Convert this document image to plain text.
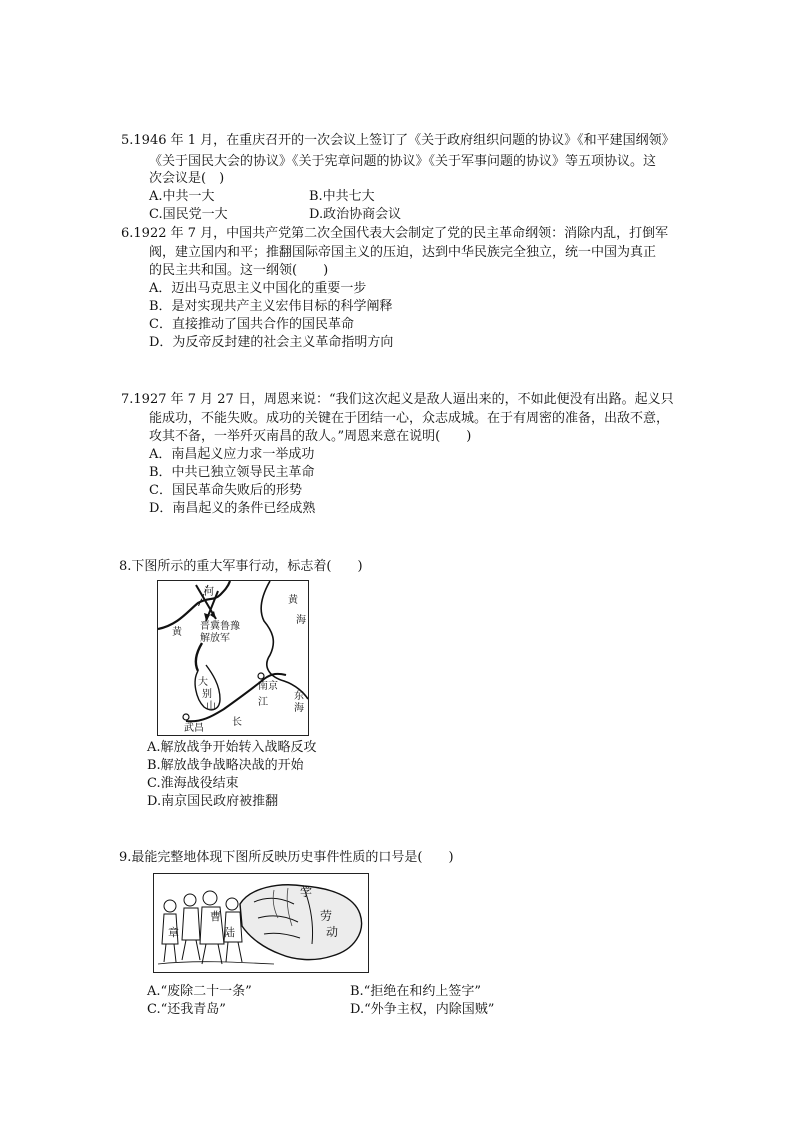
5.1946 年 1 月，在重庆召开的一次会议上签订了《关于政府组织问题的协议》《和平建国纲领》
《关于国民大会的协议》《关于宪章问题的协议》《关于军事问题的协议》等五项协议。这
次会议是(　)
A.中共一大	B.中共七大
C.国民党一大	D.政治协商会议
6.1922 年 7 月，中国共产党第二次全国代表大会制定了党的民主革命纲领：消除内乱，打倒军
阀，建立国内和平；推翻国际帝国主义的压迫，达到中华民族完全独立，统一中国为真正
的民主共和国。这一纲领(　　)
A．迈出马克思主义中国化的重要一步
B．是对实现共产主义宏伟目标的科学阐释
C．直接推动了国共合作的国民革命
D．为反帝反封建的社会主义革命指明方向
7.1927 年 7 月 27 日，周恩来说：“我们这次起义是敌人逼出来的，不如此便没有出路。起义只
能成功，不能失败。成功的关键在于团结一心，众志成城。在于有周密的准备，出敌不意，
攻其不备，一举歼灭南昌的敌人。”周恩来意在说明(　　)
A．南昌起义应力求一举成功
B．中共已独立领导民主革命
C．国民革命失败后的形势
D．南昌起义的条件已经成熟
8.下图所示的重大军事行动，标志着(　　)
河
黄
黄
海
晋冀鲁豫
解放军
大
别
山
南京
江
长
武昌
东
海
A.解放战争开始转入战略反攻
B.解放战争战略决战的开始
C.淮海战役结束
D.南京国民政府被推翻
9.最能完整地体现下图所反映历史事件性质的口号是(　　)
学
劳
动
曹
章	陆
A.“废除二十一条”	B.“拒绝在和约上签字”
C.“还我青岛”	D.“外争主权，内除国贼”
